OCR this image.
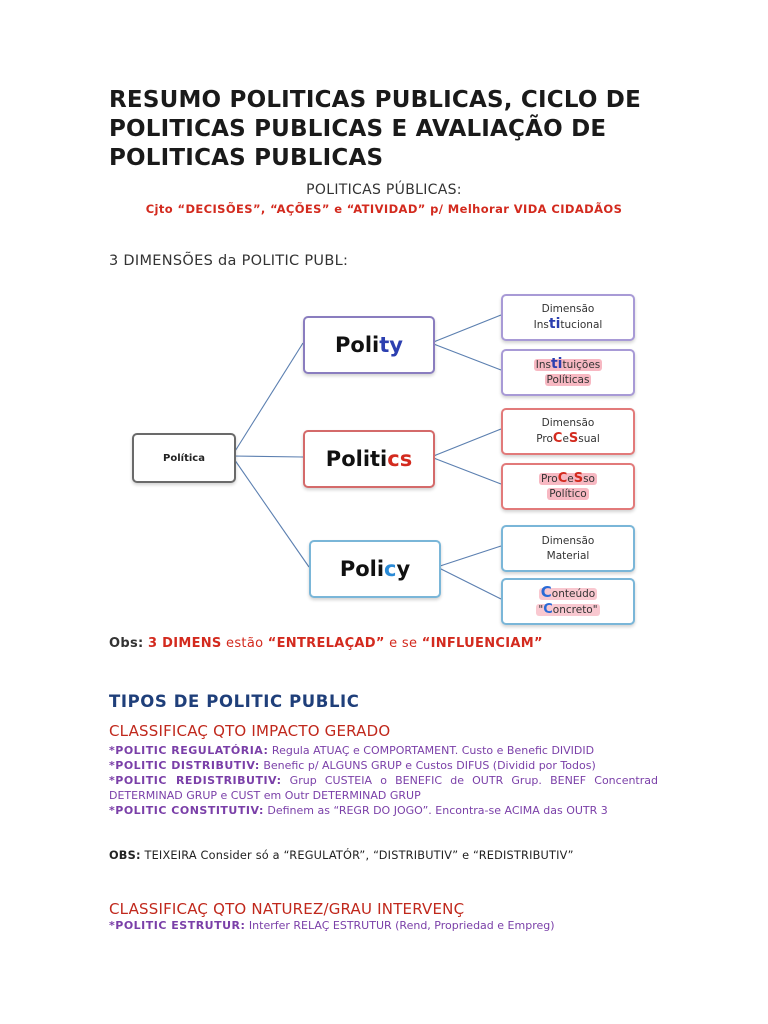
RESUMO POLITICAS PUBLICAS, CICLO DE POLITICAS PUBLICAS E AVALIAÇÃO DE POLITICAS PUBLICAS
POLITICAS PÚBLICAS:
Cjto “DECISÕES”, “AÇÕES” e “ATIVIDAD” p/ Melhorar VIDA CIDADÃOS
3 DIMENSÕES da POLITIC PUBL:
Política
Poli ty
Politi cs
Poli c y
Dimensão
Institucional
Instituições
Políticas
Dimensão
ProCeSsual
ProCeSso
Político
Dimensão
Material
Conteúdo
"Concreto"
Obs: 3 DIMENS estão “ENTRELAÇAD” e se “INFLUENCIAM”
TIPOS DE POLITIC PUBLIC
CLASSIFICAÇ QTO IMPACTO GERADO

*POLITIC REGULATÓRIA: Regula ATUAÇ e COMPORTAMENT. Custo e Benefic DIVIDID

*POLITIC DISTRIBUTIV: Benefic p/ ALGUNS GRUP e Custos DIFUS (Dividid por Todos)

*POLITIC REDISTRIBUTIV: Grup CUSTEIA o BENEFIC de OUTR Grup. BENEF Concentrad DETERMINAD GRUP e CUST em Outr DETERMINAD GRUP

*POLITIC CONSTITUTIV: Definem as “REGR DO JOGO”. Encontra-se ACIMA das OUTR 3

OBS: TEIXEIRA Consider só a “REGULATÓR”, “DISTRIBUTIV” e “REDISTRIBUTIV”
CLASSIFICAÇ QTO NATUREZ/GRAU INTERVENÇ
*POLITIC ESTRUTUR: Interfer RELAÇ ESTRUTUR (Rend, Propriedad e Empreg)
